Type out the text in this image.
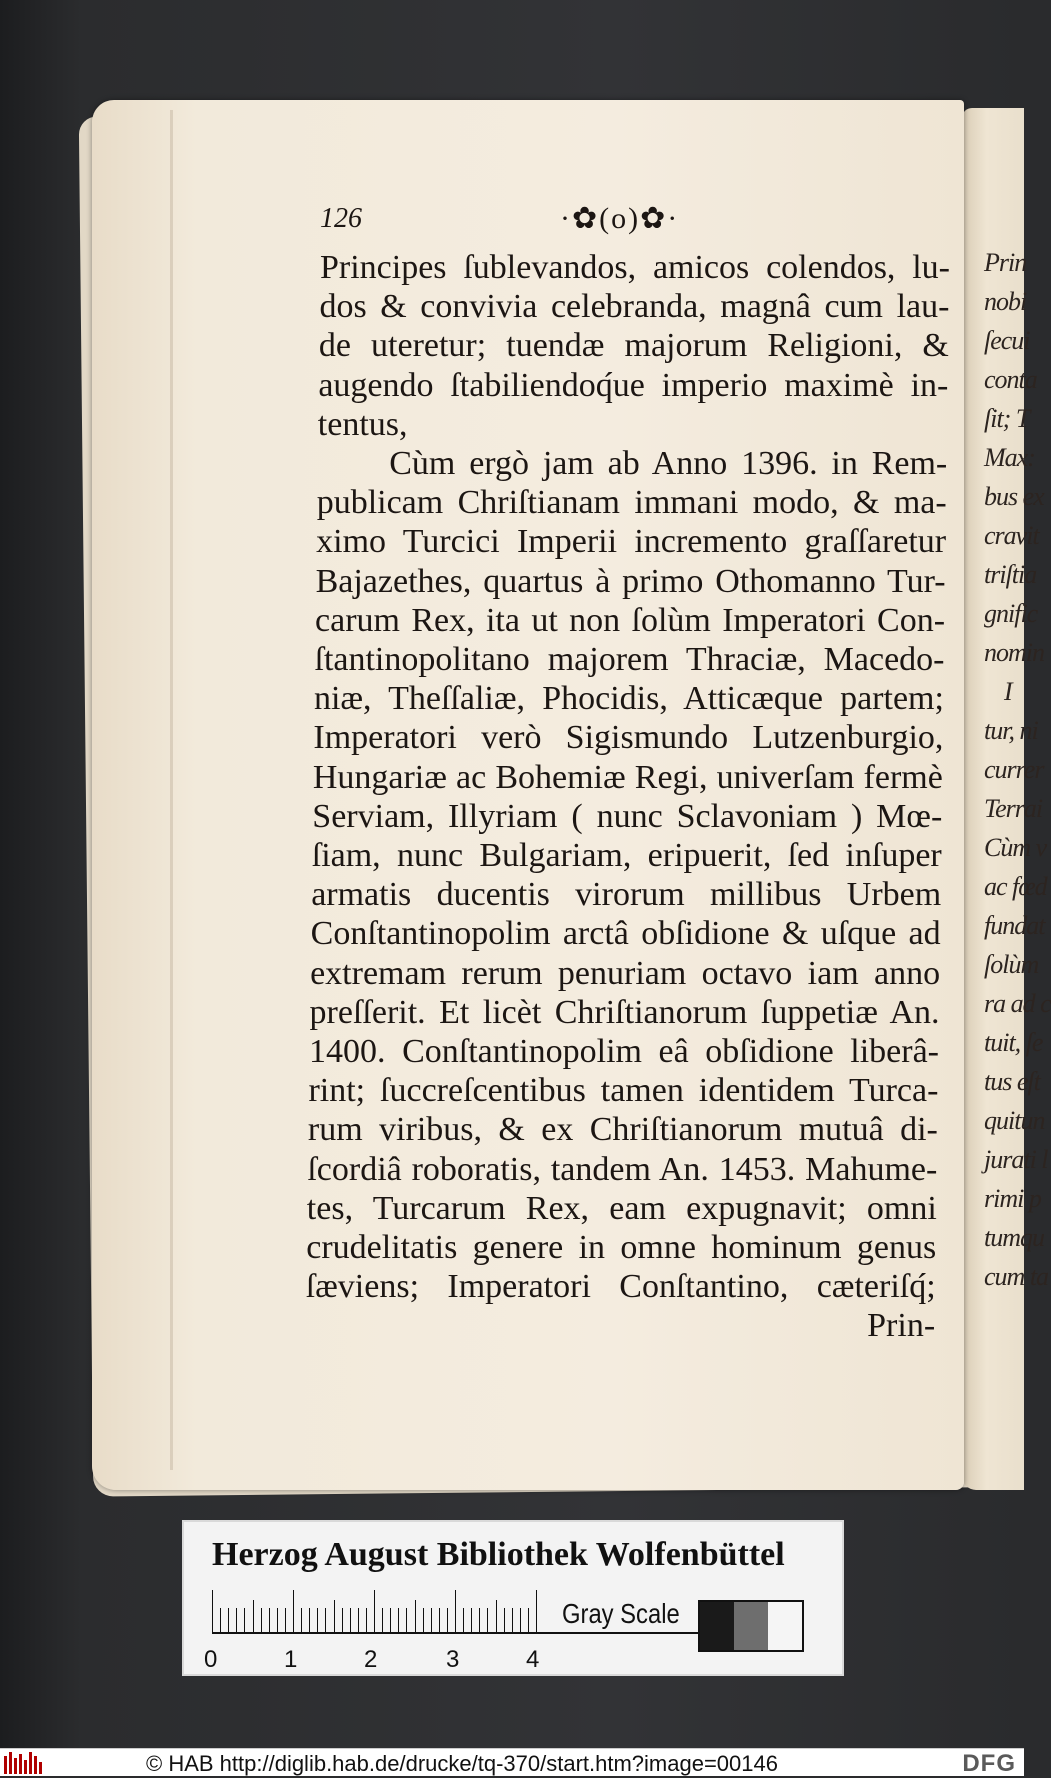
Prin
nobi
ſecui
conta
ſit; T
Max:
bus ex
cravit
triſtia
gnific
nomin
I
tur, ni
currer
Terrai
Cùm v
ac fœd
fundat
ſolùm
ra ad c
tuit, ſe
tus eſt
quitun
jurati l
rimi p
tumqu
cum ta
126	·✿(o)✿·
Principes ſublevandos, amicos colendos, lu-
dos & convivia celebranda, magnâ cum lau-
de uteretur; tuendæ majorum Religioni, &
augendo ſtabiliendoq́ue imperio maximè in-
tentus,
Cùm ergò jam ab Anno 1396. in Rem-
publicam Chriſtianam immani modo, & ma-
ximo Turcici Imperii incremento graſſaretur
Bajazethes, quartus à primo Othomanno Tur-
carum Rex, ita ut non ſolùm Imperatori Con-
ſtantinopolitano majorem Thraciæ, Macedo-
niæ, Theſſaliæ, Phocidis, Atticæque partem;
Imperatori verò Sigismundo Lutzenburgio,
Hungariæ ac Bohemiæ Regi, univerſam fermè
Serviam, Illyriam ( nunc Sclavoniam ) Mœ-
ſiam, nunc Bulgariam, eripuerit, ſed inſuper
armatis ducentis virorum millibus Urbem
Conſtantinopolim arctâ obſidione & uſque ad
extremam rerum penuriam octavo iam anno
preſſerit. Et licèt Chriſtianorum ſuppetiæ An.
1400. Conſtantinopolim eâ obſidione liberâ-
rint; ſuccreſcentibus tamen identidem Turca-
rum viribus, & ex Chriſtianorum mutuâ di-
ſcordiâ roboratis, tandem An. 1453. Mahume-
tes, Turcarum Rex, eam expugnavit; omni
crudelitatis genere in omne hominum genus
ſæviens; Imperatori Conſtantino, cæteriſq́;
Prin-
Herzog August Bibliothek Wolfenbüttel
0	1	2	3	4
Gray Scale
© HAB http://diglib.hab.de/drucke/tq-370/start.htm?image=00146	DFG
